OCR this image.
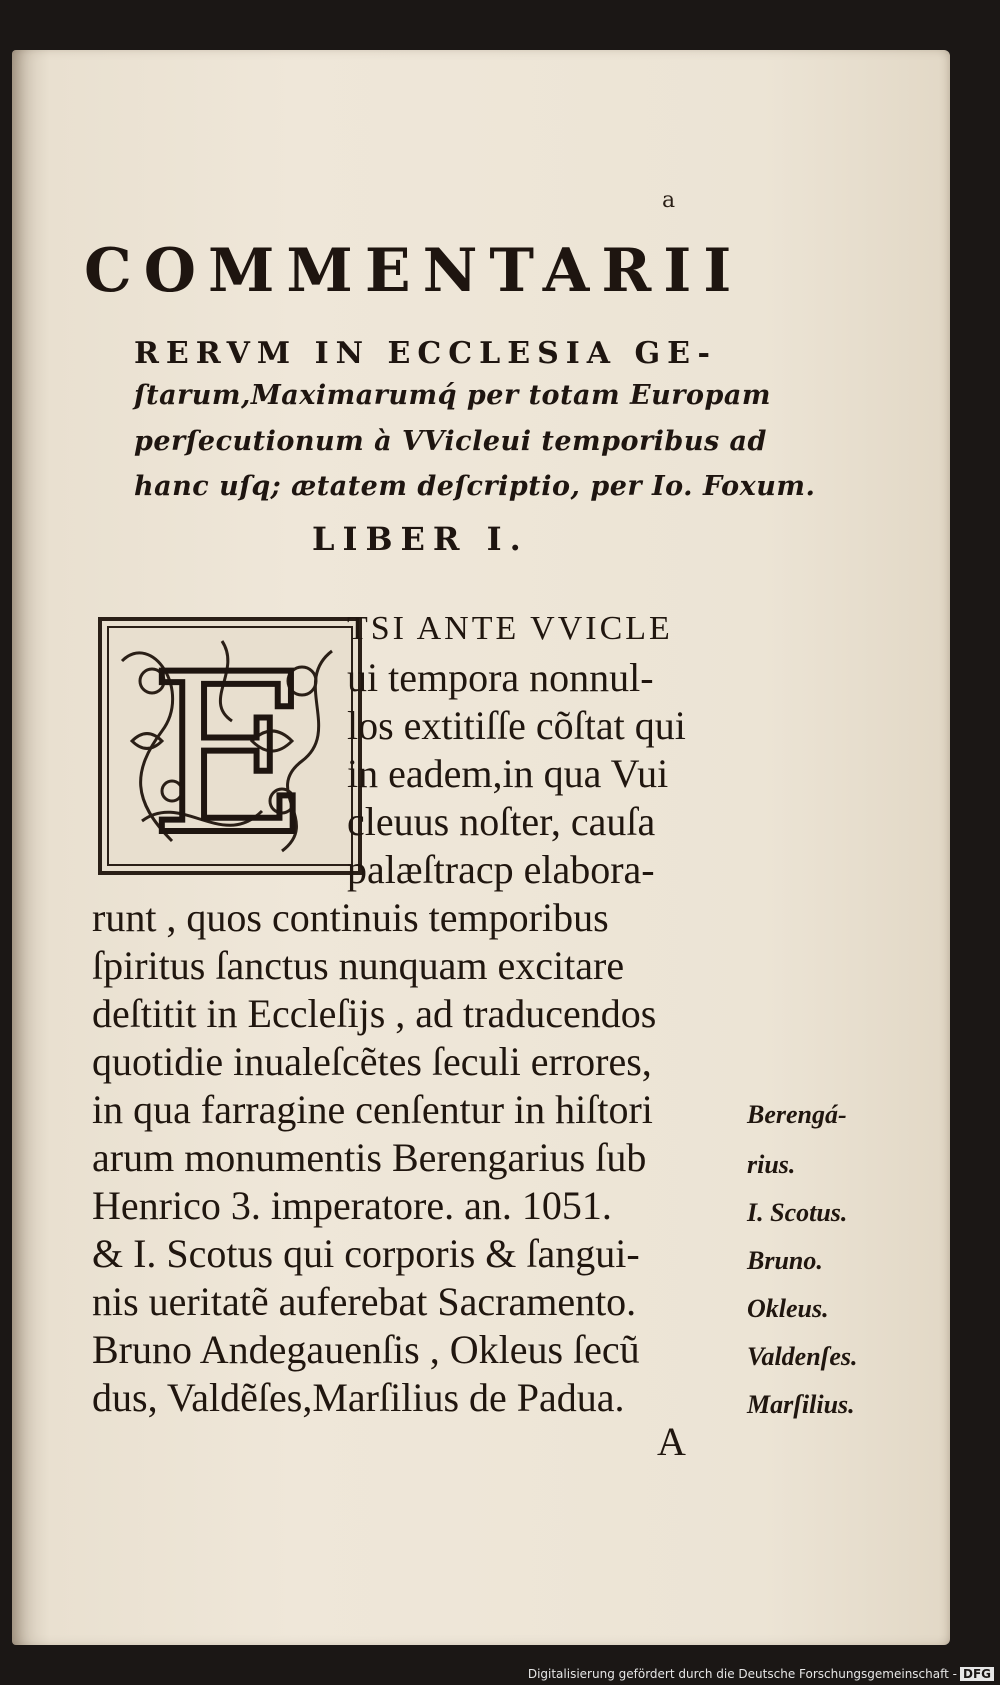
a
COMMENTARII
RERVM IN ECCLESIA GE-
ſtarum,Maximarumq́ per totam Europam
perſecutionum à VVicleui temporibus ad
hanc uſq; ætatem deſcriptio, per Io. Foxum.
LIBER I.
E TSI ANTE VVICLE
ui tempora nonnul-
los extitiſſe cõſtat qui
in eadem,in qua Vui
cleuus noſter, cauſa
palæſtracp elabora-
runt , quos continuis temporibus
ſpiritus ſanctus nunquam excitare
deſtitit in Eccleſijs , ad traducendos
quotidie inualeſcẽtes ſeculi errores,
in qua farragine cenſentur in hiſtori
arum monumentis Berengarius ſub
Henrico 3. imperatore. an. 1051.
& I. Scotus qui corporis & ſangui-
nis ueritatẽ auferebat Sacramento.
Bruno Andegauenſis , Okleus ſecũ
dus, Valdẽſes,Marſilius de Padua.
Berengá-
rius.
I. Scotus.
Bruno.
Okleus.
Valdenſes.
Marſilius.
A
Digitalisierung gefördert durch die Deutsche Forschungsgemeinschaft - DFG
